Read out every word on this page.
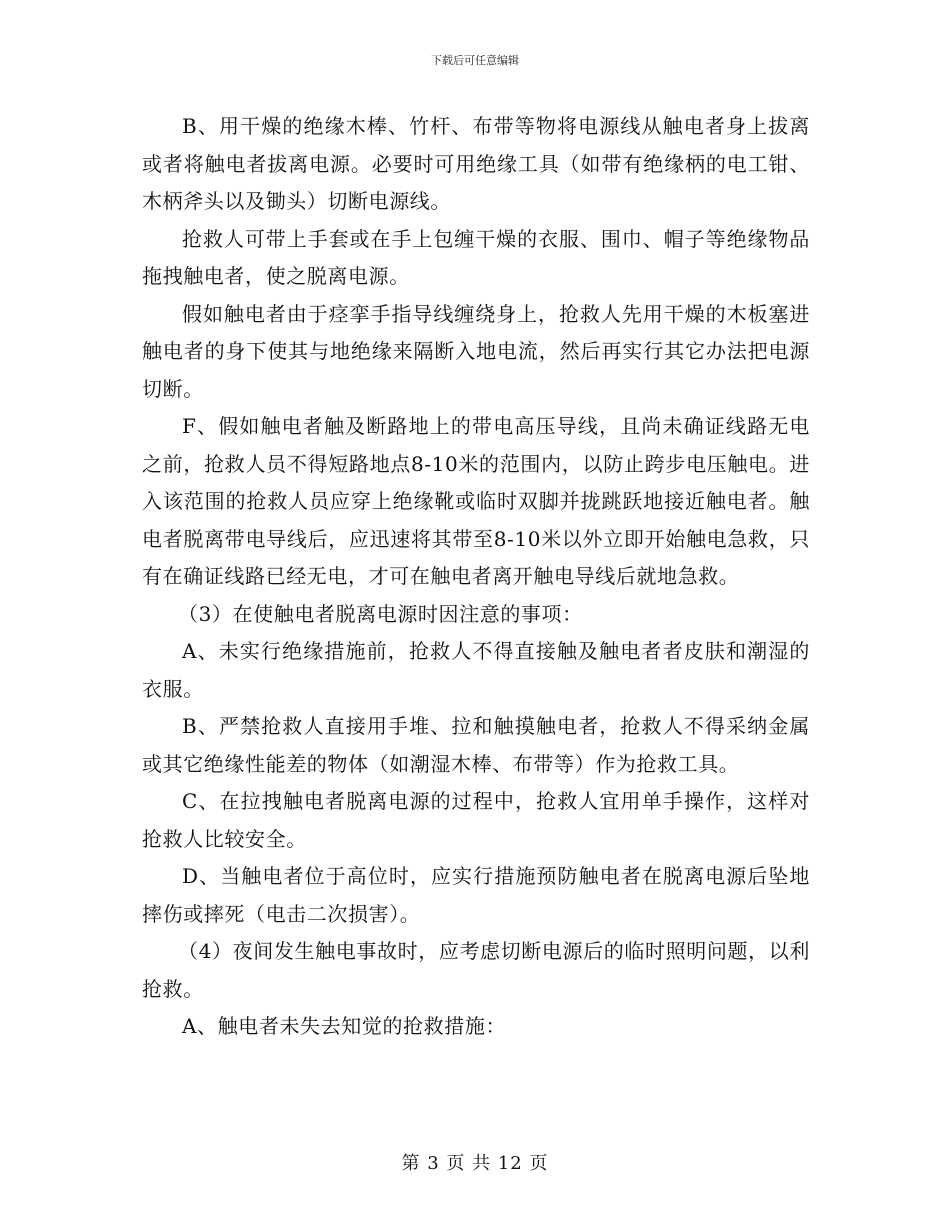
下载后可任意编辑

B、用干燥的绝缘木棒、竹杆、布带等物将电源线从触电者身上拔离或者将触电者拔离电源。必要时可用绝缘工具（如带有绝缘柄的电工钳、木柄斧头以及锄头）切断电源线。

抢救人可带上手套或在手上包缠干燥的衣服、围巾、帽子等绝缘物品拖拽触电者，使之脱离电源。

假如触电者由于痉挛手指导线缠绕身上，抢救人先用干燥的木板塞进触电者的身下使其与地绝缘来隔断入地电流，然后再实行其它办法把电源切断。

F、假如触电者触及断路地上的带电高压导线，且尚未确证线路无电之前，抢救人员不得短路地点8-10米的范围内，以防止跨步电压触电。进入该范围的抢救人员应穿上绝缘靴或临时双脚并拢跳跃地接近触电者。触电者脱离带电导线后，应迅速将其带至8-10米以外立即开始触电急救，只有在确证线路已经无电，才可在触电者离开触电导线后就地急救。

（3）在使触电者脱离电源时因注意的事项：

A、未实行绝缘措施前，抢救人不得直接触及触电者者皮肤和潮湿的衣服。

B、严禁抢救人直接用手堆、拉和触摸触电者，抢救人不得采纳金属或其它绝缘性能差的物体（如潮湿木棒、布带等）作为抢救工具。

C、在拉拽触电者脱离电源的过程中，抢救人宜用单手操作，这样对抢救人比较安全。

D、当触电者位于高位时，应实行措施预防触电者在脱离电源后坠地摔伤或摔死（电击二次损害）。

（4）夜间发生触电事故时，应考虑切断电源后的临时照明问题，以利抢救。

A、触电者未失去知觉的抢救措施：

第 3 页 共 12 页
